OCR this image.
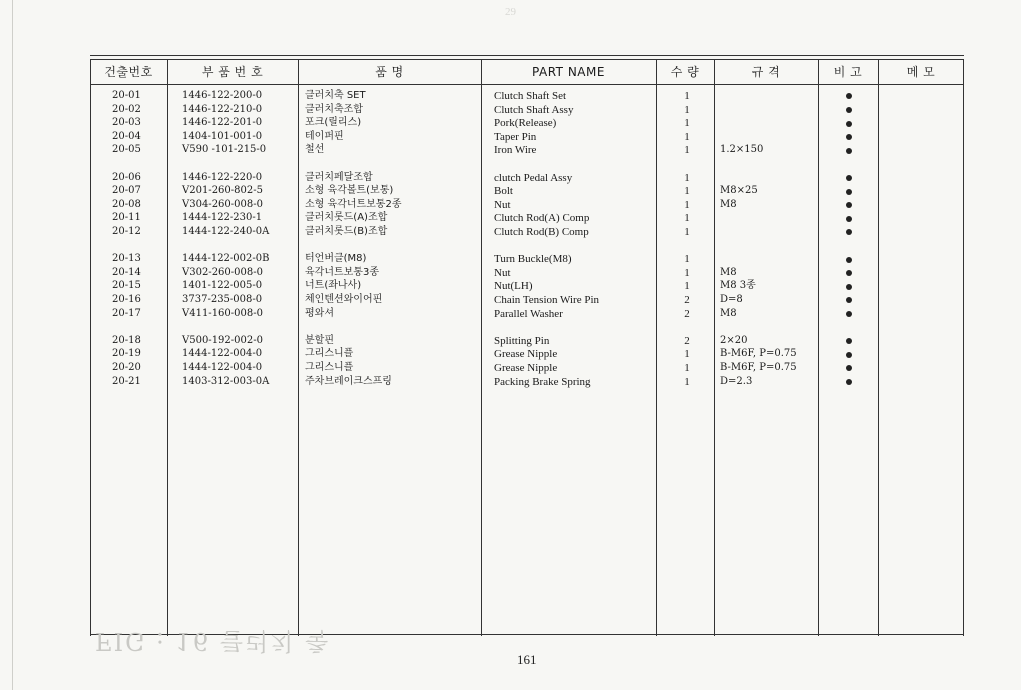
29
건출번호	부 품 번 호	품 명	PART NAME	수 량	규 격	비 고	메 모
20-01	1446-122-200-0	클러치축 SET	Clutch Shaft Set	1
20-02	1446-122-210-0	클러치축조합	Clutch Shaft Assy	1
20-03	1446-122-201-0	포크(릴리스)	Pork(Release)	1
20-04	1404-101-001-0	테이퍼핀	Taper Pin	1
20-05	V590 -101-215-0	철선	Iron Wire	1	1.2×150
20-06	1446-122-220-0	클러치페달조합	clutch Pedal Assy	1
20-07	V201-260-802-5	소형 육각볼트(보통)	Bolt	1	M8×25
20-08	V304-260-008-0	소형 육각너트보통2종	Nut	1	M8
20-11	1444-122-230-1	클러치롯드(A)조합	Clutch Rod(A) Comp	1
20-12	1444-122-240-0A	클러치롯드(B)조합	Clutch Rod(B) Comp	1
20-13	1444-122-002-0B	터언버클(M8)	Turn Buckle(M8)	1
20-14	V302-260-008-0	육각너트보통3종	Nut	1	M8
20-15	1401-122-005-0	너트(좌나사)	Nut(LH)	1	M8 3종
20-16	3737-235-008-0	체인텐션와이어핀	Chain Tension Wire Pin	2	D=8
20-17	V411-160-008-0	평와셔	Parallel Washer	2	M8
20-18	V500-192-002-0	분할핀	Splitting Pin	2	2×20
20-19	1444-122-004-0	그리스니플	Grease Nipple	1	B-M6F, P=0.75
20-20	1444-122-004-0	그리스니플	Grease Nipple	1	B-M6F, P=0.75
20-21	1403-312-003-0A	주차브레이크스프링	Packing Brake Spring	1	D=2.3
FIG : 16 클러치 축
161
